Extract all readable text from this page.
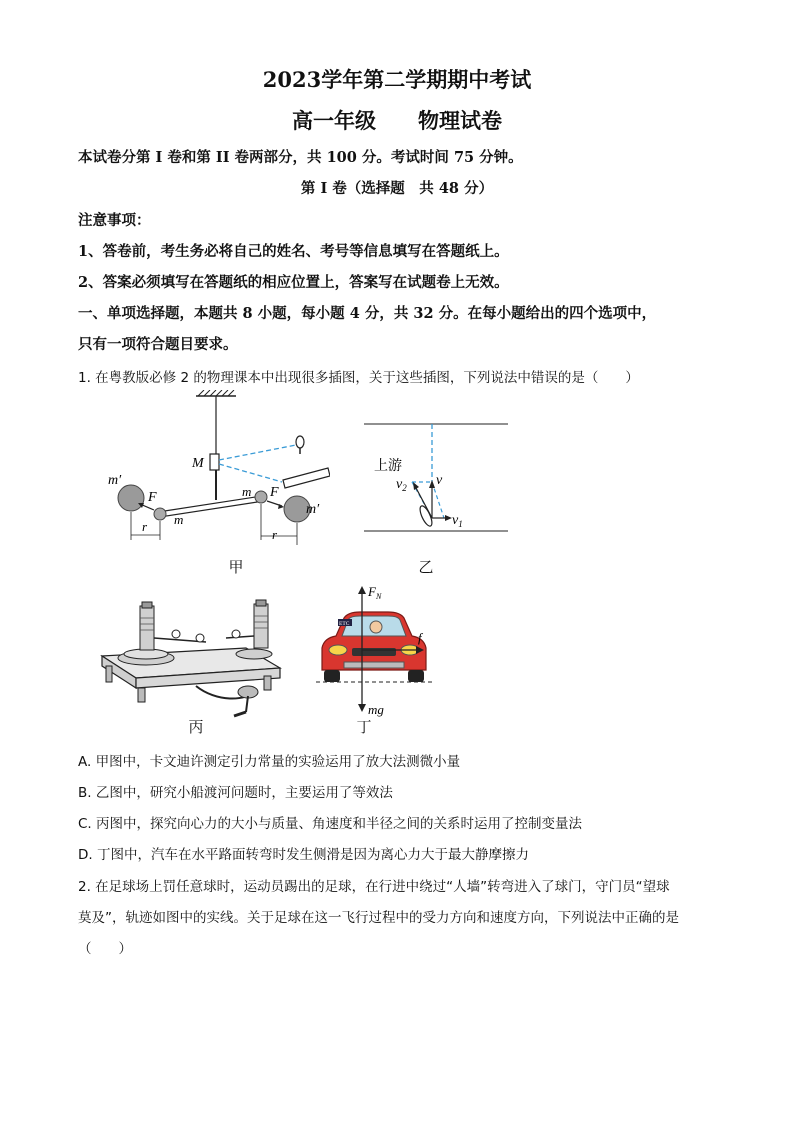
2023学年第二学期期中考试
高一年级　　物理试卷
本试卷分第 I 卷和第 II 卷两部分，共 100 分。考试时间 75 分钟。
第 I 卷（选择题　共 48 分）
注意事项：
1、答卷前，考生务必将自己的姓名、考号等信息填写在答题纸上。
2、答案必须填写在答题纸的相应位置上，答案写在试题卷上无效。
一、单项选择题，本题共 8 小题，每小题 4 分，共 32 分。在每小题给出的四个选项中，
只有一项符合题目要求。
1. 在粤教版必修 2 的物理课本中出现很多插图，关于这些插图，下列说法中错误的是（　　）
M
m′
m′
F	F
m
m
r
r
甲
上游
v
$v_2$
$v_1$
乙
丙
ETC
$F_N$
f
mg
丁
A. 甲图中，卡文迪许测定引力常量的实验运用了放大法测微小量
B. 乙图中，研究小船渡河问题时，主要运用了等效法
C. 丙图中，探究向心力的大小与质量、角速度和半径之间的关系时运用了控制变量法
D. 丁图中，汽车在水平路面转弯时发生侧滑是因为离心力大于最大静摩擦力
2. 在足球场上罚任意球时，运动员踢出的足球，在行进中绕过“人墙”转弯进入了球门，守门员“望球
莫及”，轨迹如图中的实线。关于足球在这一飞行过程中的受力方向和速度方向，下列说法中正确的是
（　　）
